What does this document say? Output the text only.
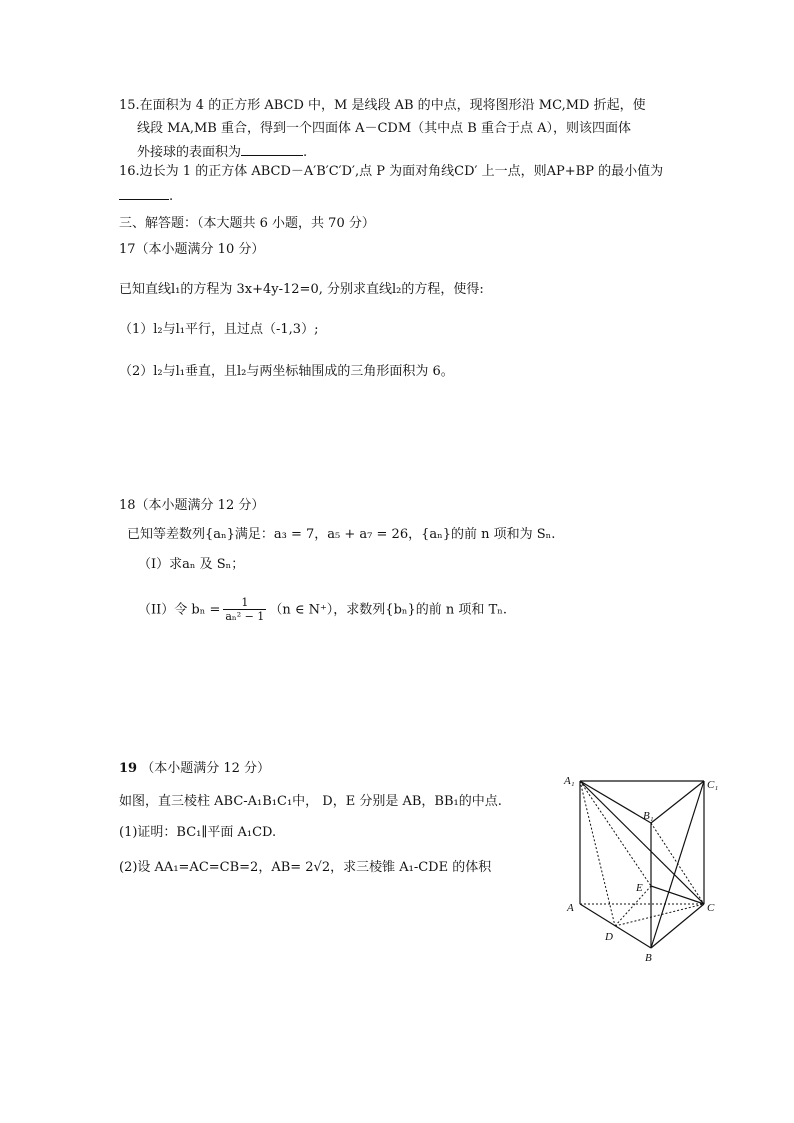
15.在面积为 4 的正方形 ABCD 中，M 是线段 AB 的中点，现将图形沿 MC,MD 折起，使
线段 MA,MB 重合，得到一个四面体 A－CDM（其中点 B 重合于点 A），则该四面体
外接球的表面积为	.
16.边长为 1 的正方体 ABCD－A′B′C′D′,点 P 为面对角线CD′ 上一点，则AP+BP 的最小值为
.
三、解答题：（本大题共 6 小题，共 70 分）
17（本小题满分 10 分）
已知直线l₁的方程为 3x+4y-12=0, 分别求直线l₂的方程，使得:
（1）l₂与l₁平行，且过点（-1,3）;
（2）l₂与l₁垂直，且l₂与两坐标轴围成的三角形面积为 6。
18（本小题满分 12 分）
已知等差数列{aₙ}满足：a₃ = 7，a₅ + a₇ = 26，{aₙ}的前 n 项和为 Sₙ.
（I）求aₙ 及 Sₙ；
（II）令 $b_n = \frac{1}{\text{aₙ² − 1}} (n$ ∈ N⁺），求数列{bₙ}的前 n 项和 Tₙ.
19 （本小题满分 12 分）
如图，直三棱柱 ABC-A₁B₁C₁中， D，E 分别是 AB，BB₁的中点.
(1)证明：BC₁∥平面 A₁CD.
(2)设 AA₁=AC=CB=2，AB= 2√2，求三棱锥 A₁-CDE 的体积
A₁
B₁
C₁
A
B
C
D
E
